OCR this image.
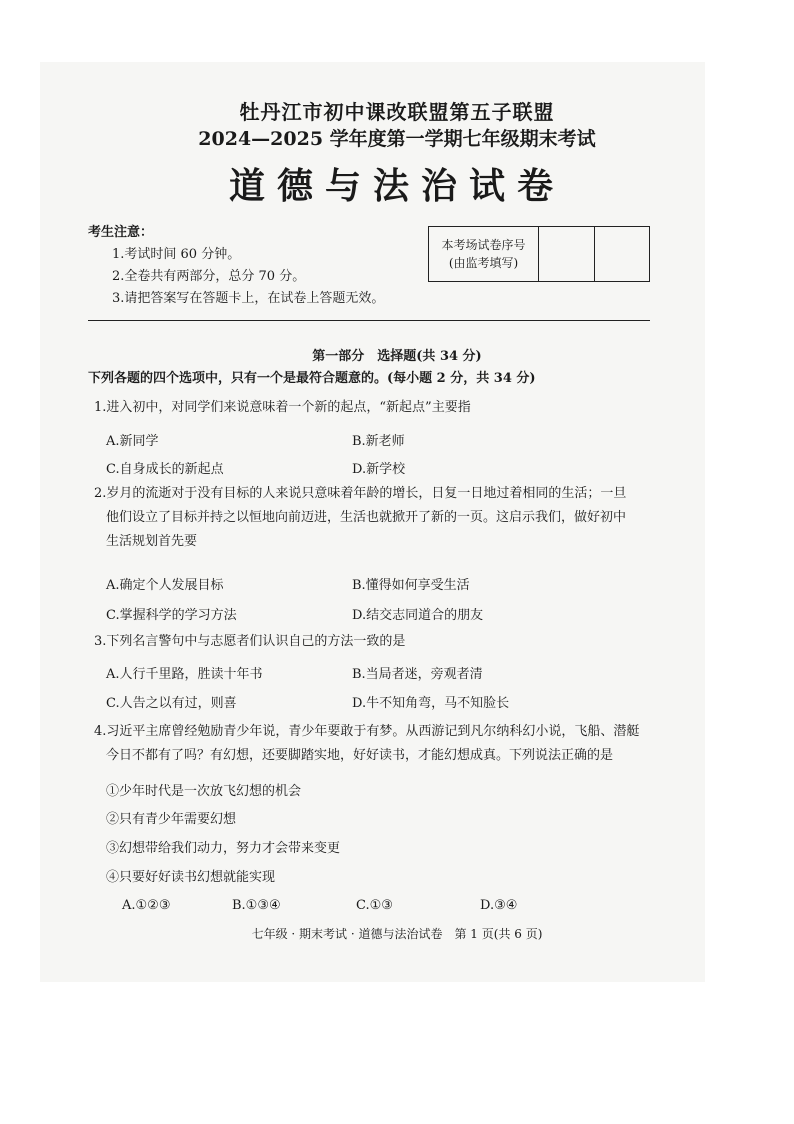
牡丹江市初中课改联盟第五子联盟
2024—2025 学年度第一学期七年级期末考试
道德与法治试卷
考生注意：
1.考试时间 60 分钟。
2.全卷共有两部分，总分 70 分。
3.请把答案写在答题卡上，在试卷上答题无效。
本考场试卷序号
(由监考填写)
第一部分　选择题(共 34 分)
下列各题的四个选项中，只有一个是最符合题意的。(每小题 2 分，共 34 分)
1.进入初中，对同学们来说意味着一个新的起点，“新起点”主要指
A.新同学	B.新老师
C.自身成长的新起点	D.新学校
2.岁月的流逝对于没有目标的人来说只意味着年龄的增长，日复一日地过着相同的生活；一旦
他们设立了目标并持之以恒地向前迈进，生活也就掀开了新的一页。这启示我们，做好初中
生活规划首先要
A.确定个人发展目标	B.懂得如何享受生活
C.掌握科学的学习方法	D.结交志同道合的朋友
3.下列名言警句中与志愿者们认识自己的方法一致的是
A.人行千里路，胜读十年书	B.当局者迷，旁观者清
C.人告之以有过，则喜	D.牛不知角弯，马不知脸长
4.习近平主席曾经勉励青少年说，青少年要敢于有梦。从西游记到凡尔纳科幻小说，飞船、潜艇
今日不都有了吗？有幻想，还要脚踏实地，好好读书，才能幻想成真。下列说法正确的是
①少年时代是一次放飞幻想的机会
②只有青少年需要幻想
③幻想带给我们动力，努力才会带来变更
④只要好好读书幻想就能实现
A.①②③	B.①③④	C.①③	D.③④
七年级 · 期末考试 · 道德与法治试卷　第 1 页(共 6 页)
